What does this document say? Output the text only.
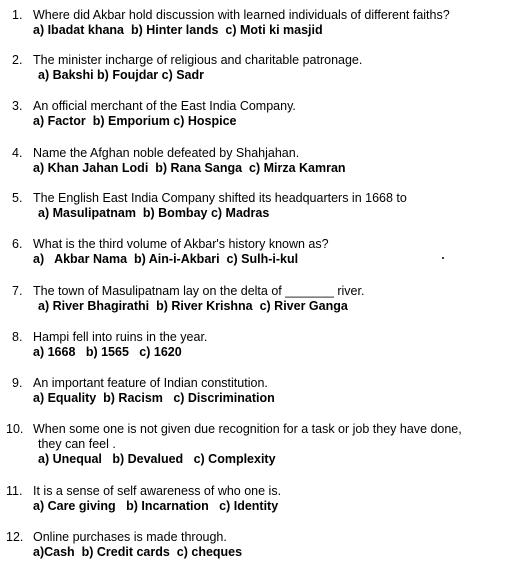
1. Where did Akbar hold discussion with learned individuals of different faiths?
a) Ibadat khana  b) Hinter lands  c) Moti ki masjid
2. The minister incharge of religious and charitable patronage.
a) Bakshi b) Foujdar c) Sadr
3. An official merchant of the East India Company.
a) Factor  b) Emporium c) Hospice
4. Name the Afghan noble defeated by Shahjahan.
a) Khan Jahan Lodi  b) Rana Sanga  c) Mirza Kamran
5. The English East India Company shifted its headquarters in 1668 to
a) Masulipatnam  b) Bombay c) Madras
6. What is the third volume of Akbar's history known as?
a)   Akbar Nama  b) Ain-i-Akbari  c) Sulh-i-kul
7. The town of Masulipatnam lay on the delta of _______ river.
a) River Bhagirathi  b) River Krishna  c) River Ganga
8. Hampi fell into ruins in the year.
a) 1668   b) 1565   c) 1620
9. An important feature of Indian constitution.
a) Equality  b) Racism   c) Discrimination
10. When some one is not given due recognition for a task or job they have done,
they can feel .
a) Unequal   b) Devalued   c) Complexity
11. It is a sense of self awareness of who one is.
a) Care giving   b) Incarnation   c) Identity
12. Online purchases is made through.
a)Cash  b) Credit cards  c) cheques
